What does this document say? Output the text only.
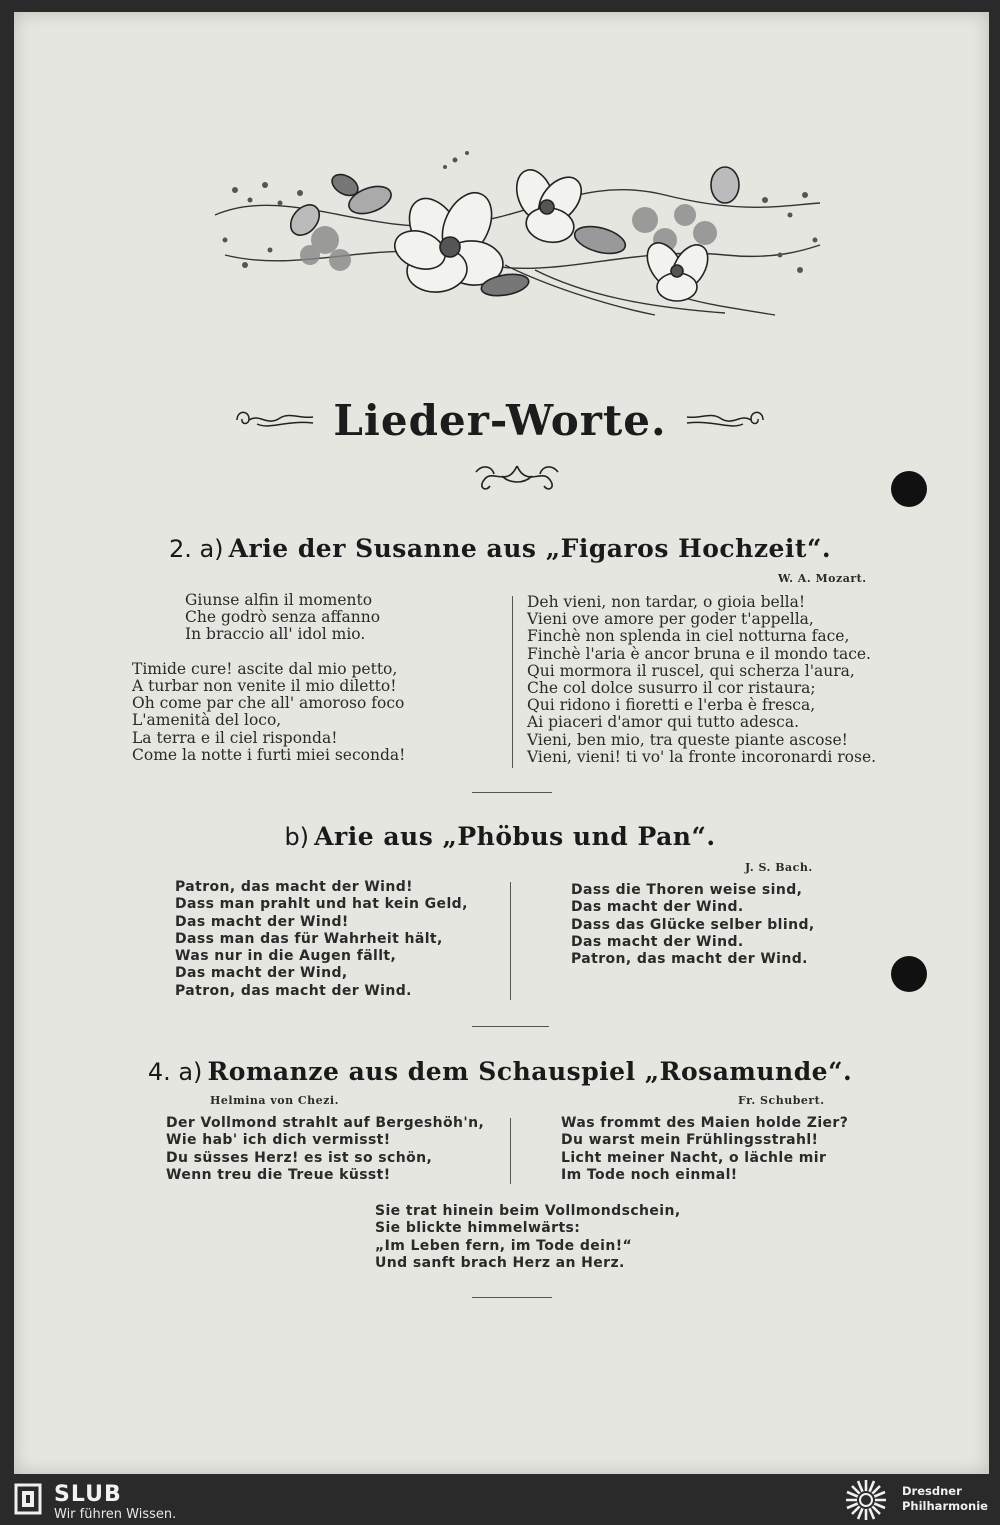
Lieder-Worte.
2. a) Arie der Susanne aus „Figaros Hochzeit“.
W. A. Mozart.
Giunse alfin il momento
Che godrò senza affanno
In braccio all' idol mio.

Timide cure! ascite dal mio petto,
A turbar non venite il mio diletto!
Oh come par che all' amoroso foco
L'amenità del loco,
La terra e il ciel risponda!
Come la notte i furti miei seconda!
Deh vieni, non tardar, o gioia bella!
Vieni ove amore per goder t'appella,
Finchè non splenda in ciel notturna face,
Finchè l'aria è ancor bruna e il mondo tace.
Qui mormora il ruscel, qui scherza l'aura,
Che col dolce susurro il cor ristaura;
Qui ridono i fioretti e l'erba è fresca,
Ai piaceri d'amor qui tutto adesca.
Vieni, ben mio, tra queste piante ascose!
Vieni, vieni! ti vo' la fronte incoronardi rose.
b) Arie aus „Phöbus und Pan“.
J. S. Bach.
Patron, das macht der Wind!
Dass man prahlt und hat kein Geld,
Das macht der Wind!
Dass man das für Wahrheit hält,
Was nur in die Augen fällt,
Das macht der Wind,
Patron, das macht der Wind.
Dass die Thoren weise sind,
Das macht der Wind.
Dass das Glücke selber blind,
Das macht der Wind.
Patron, das macht der Wind.
4. a) Romanze aus dem Schauspiel „Rosamunde“.
Helmina von Chezi.	Fr. Schubert.
Der Vollmond strahlt auf Bergeshöh'n,
Wie hab' ich dich vermisst!
Du süsses Herz! es ist so schön,
Wenn treu die Treue küsst!
Was frommt des Maien holde Zier?
Du warst mein Frühlingsstrahl!
Licht meiner Nacht, o lächle mir
Im Tode noch einmal!
Sie trat hinein beim Vollmondschein,
Sie blickte himmelwärts:
„Im Leben fern, im Tode dein!“
Und sanft brach Herz an Herz.
SLUB
Wir führen Wissen.
Dresdner
Philharmonie
